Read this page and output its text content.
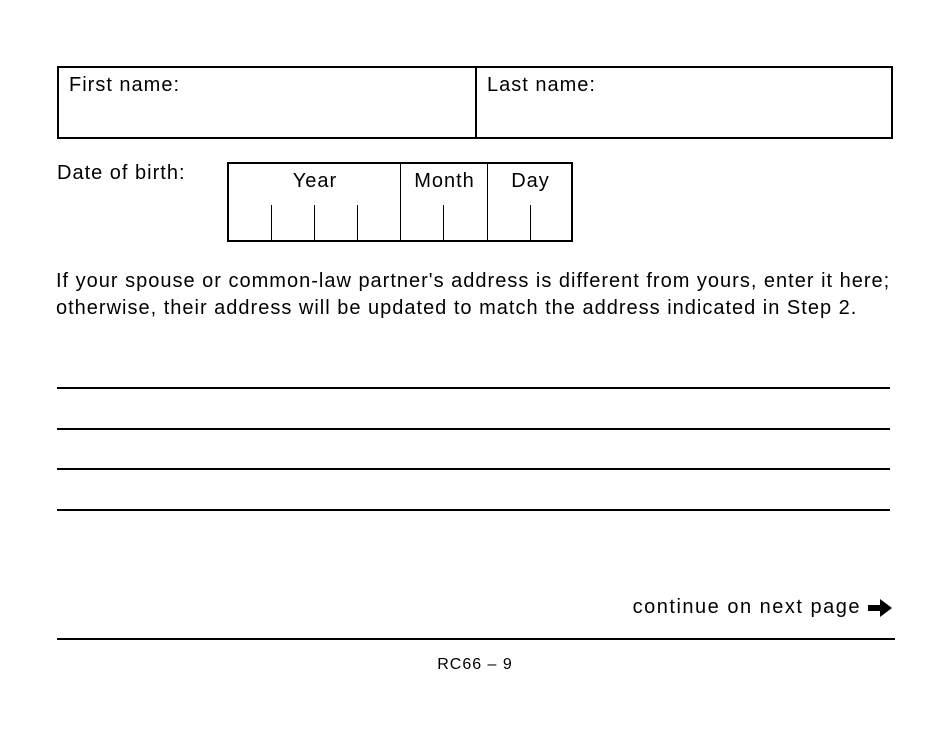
First name:	Last name:
Date of birth:	Year	Month	Day

If your spouse or common-law partner's address is different from yours, enter it here; otherwise, their address will be updated to match the address indicated in Step 2.

continue on next page
RC66 – 9
